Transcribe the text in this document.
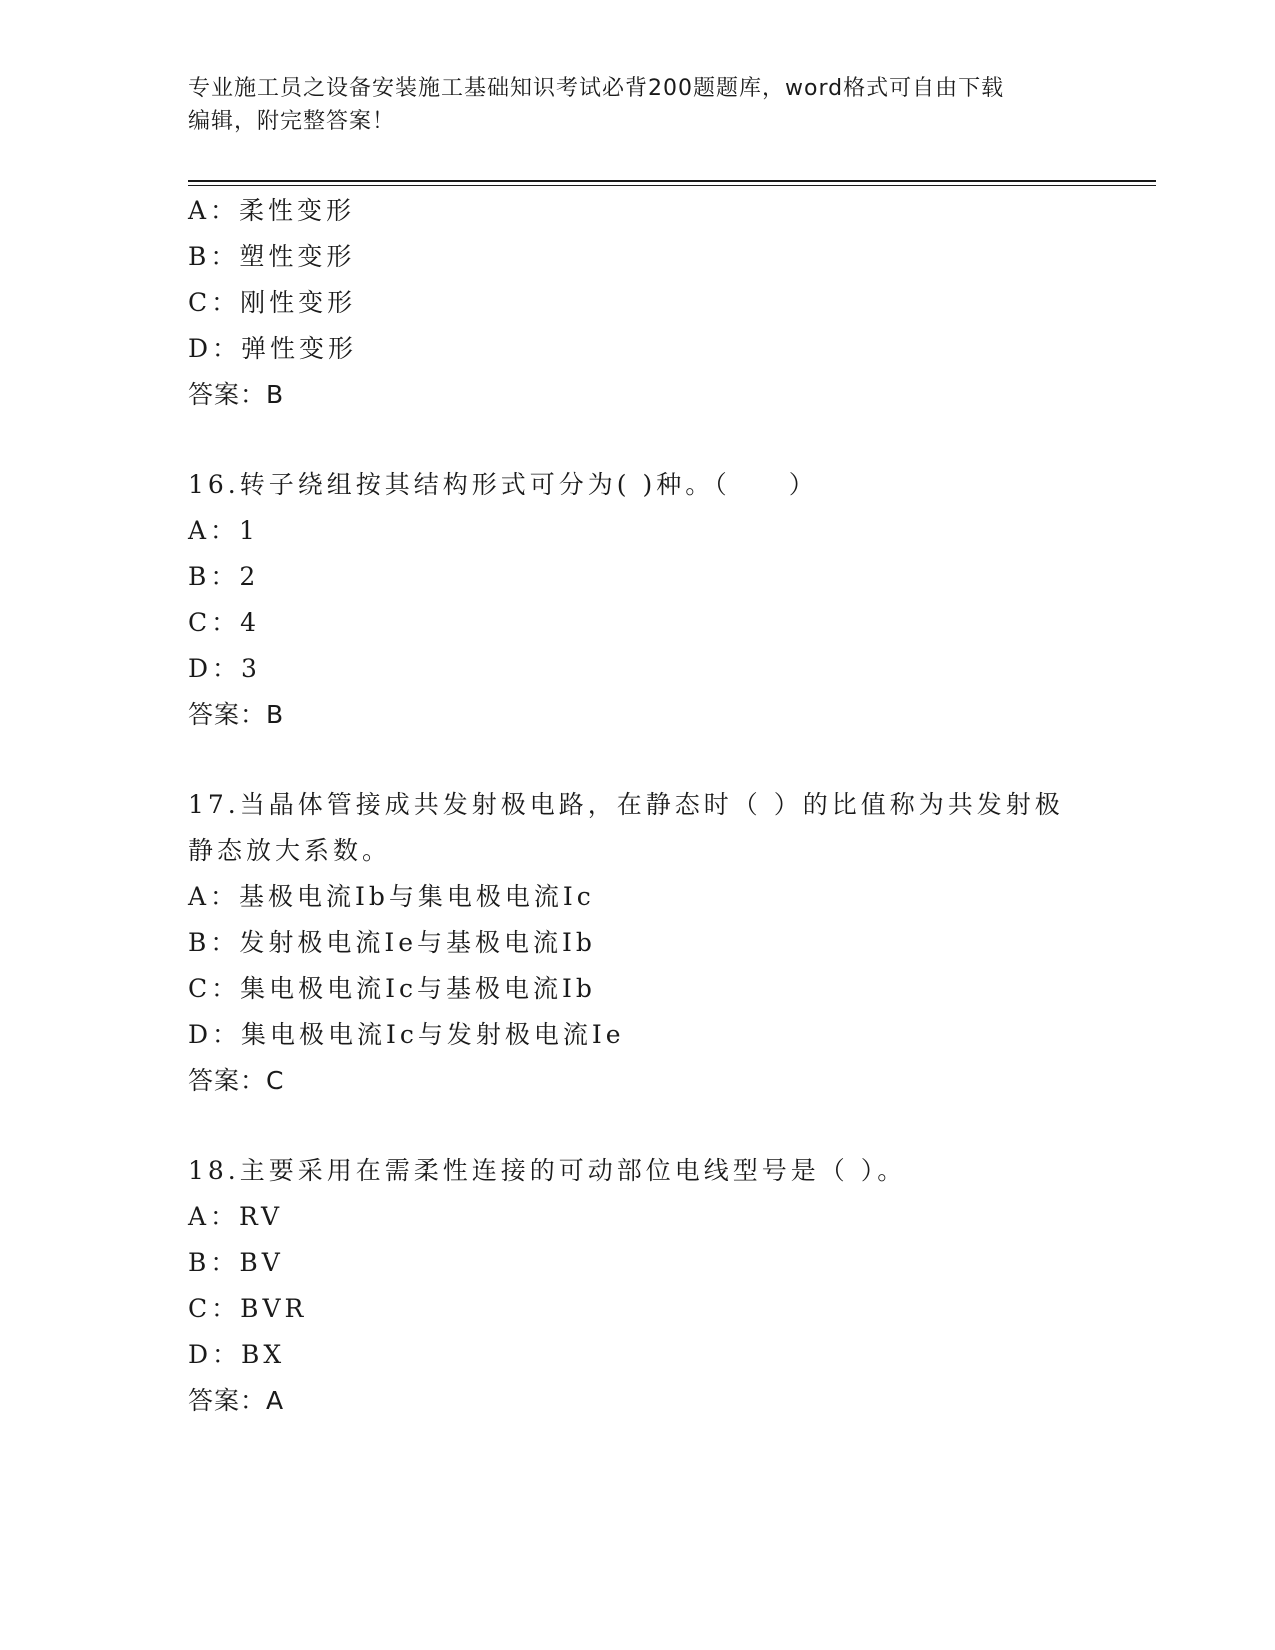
专业施工员之设备安装施工基础知识考试必背200题题库，word格式可自由下载
编辑，附完整答案！
A：柔性变形
B：塑性变形
C：刚性变形
D：弹性变形
答案：B
16.转子绕组按其结构形式可分为( )种。（　　）
A：1
B：2
C：4
D：3
答案：B
17.当晶体管接成共发射极电路，在静态时（ ）的比值称为共发射极
静态放大系数。
A：基极电流Ib与集电极电流Ic
B：发射极电流Ie与基极电流Ib
C：集电极电流Ic与基极电流Ib
D：集电极电流Ic与发射极电流Ie
答案：C
18.主要采用在需柔性连接的可动部位电线型号是（ ）。
A：RV
B：BV
C：BVR
D：BX
答案：A
